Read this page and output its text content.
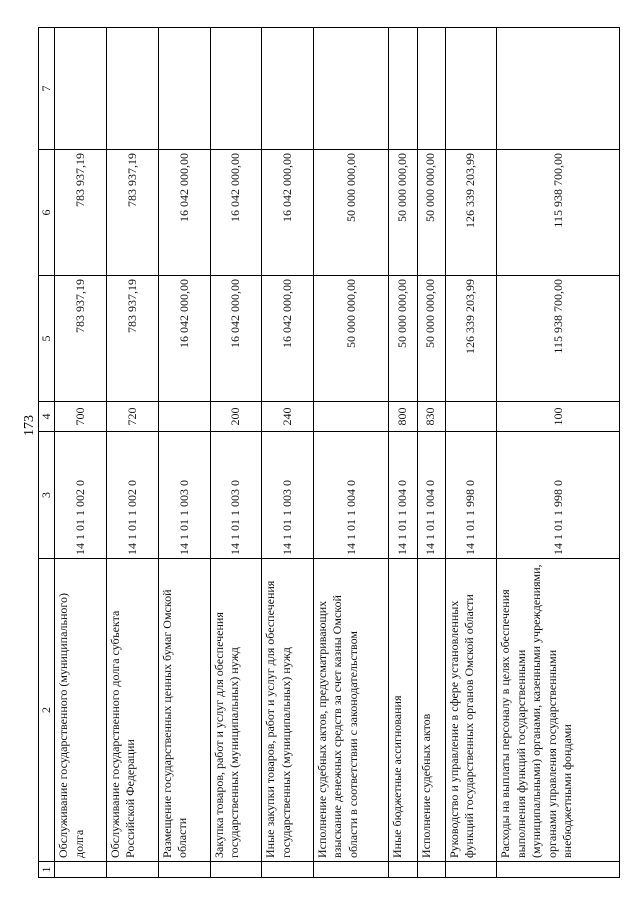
173
1	2	3	4	5	6	7
	Обслуживание государственного (муниципального) долга	14 1 01 1 002 0	700	783 937,19	783 937,19	
	Обслуживание государственного долга субъекта Российской Федерации	14 1 01 1 002 0	720	783 937,19	783 937,19	
	Размещение государственных ценных бумаг Омской области	14 1 01 1 003 0		16 042 000,00	16 042 000,00	
	Закупка товаров, работ и услуг для обеспечения государственных (муниципальных) нужд	14 1 01 1 003 0	200	16 042 000,00	16 042 000,00	
	Иные закупки товаров, работ и услуг для обеспечения государственных (муниципальных) нужд	14 1 01 1 003 0	240	16 042 000,00	16 042 000,00	
	Исполнение судебных актов, предусматривающих взыскание денежных средств за счет казны Омской области в соответствии с законодательством	14 1 01 1 004 0		50 000 000,00	50 000 000,00	
	Иные бюджетные ассигнования	14 1 01 1 004 0	800	50 000 000,00	50 000 000,00	
	Исполнение судебных актов	14 1 01 1 004 0	830	50 000 000,00	50 000 000,00	
	Руководство и управление в сфере установленных функций государственных органов Омской области	14 1 01 1 998 0		126 339 203,99	126 339 203,99	
	Расходы на выплаты персоналу в целях обеспечения выполнения функций государственными (муниципальными) органами, казенными учреждениями, органами управления государственными внебюджетными фондами	14 1 01 1 998 0	100	115 938 700,00	115 938 700,00	
